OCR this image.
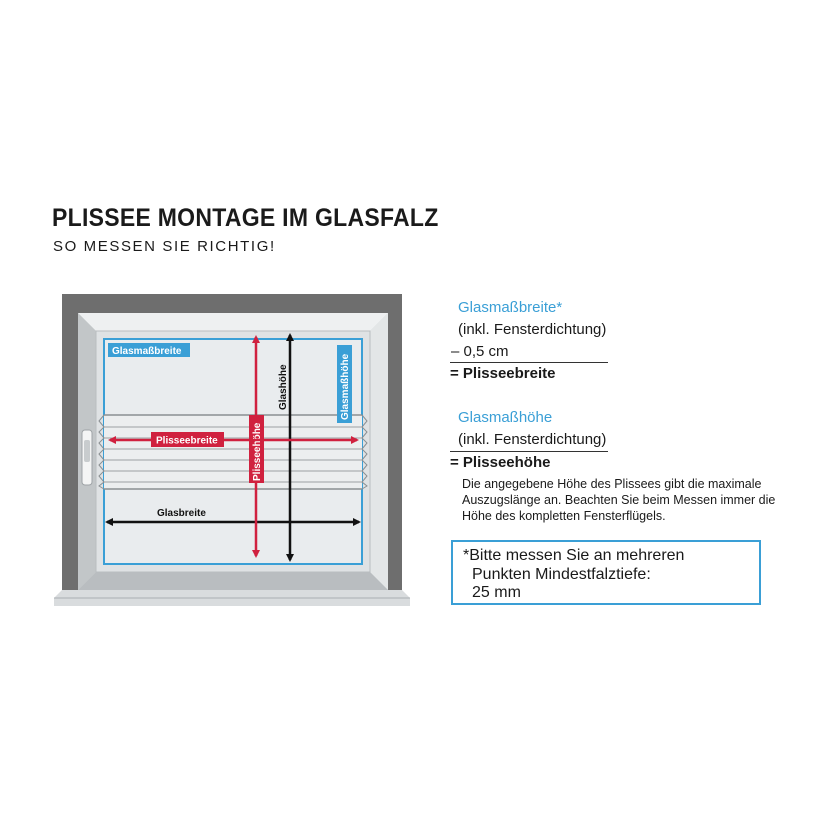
PLISSEE MONTAGE IM GLASFALZ
SO MESSEN SIE RICHTIG!
Glasmaßbreite
Glasmaßhöhe
Glashöhe
Glasbreite
Plisseehöhe
Plisseebreite
Glasmaßbreite*
(inkl. Fensterdichtung)
– 0,5 cm
= Plisseebreite
Glasmaßhöhe
(inkl. Fensterdichtung)
= Plisseehöhe
Die angegebene Höhe des Plissees gibt die maximale Auszugslänge an. Beachten Sie beim Messen immer die Höhe des kompletten Fensterflügels.
*Bitte messen Sie an mehreren
Punkten Mindestfalztiefe:
25 mm
